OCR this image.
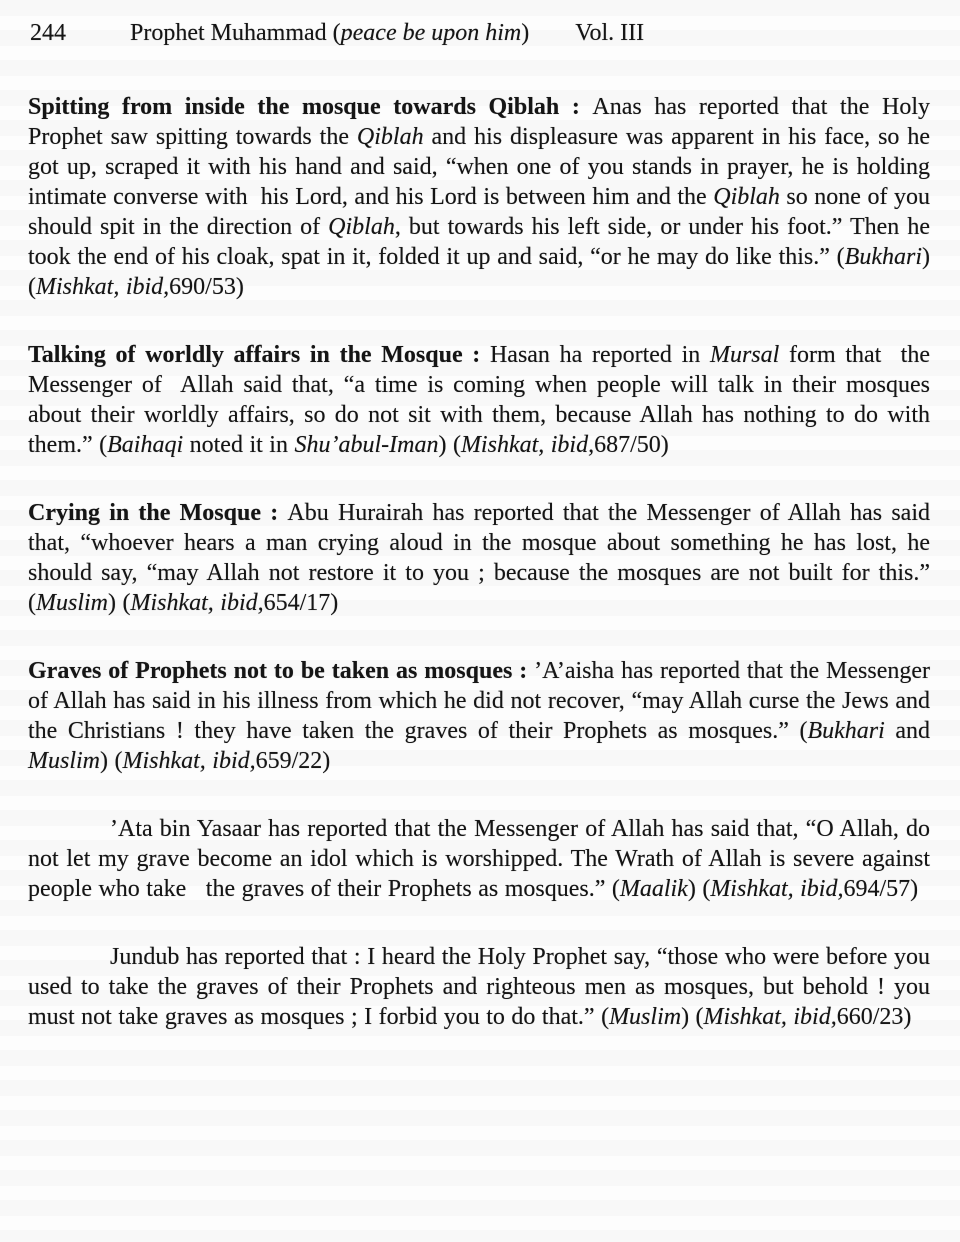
244	Prophet Muhammad (peace be upon him) Vol. III

Spitting from inside the mosque towards Qiblah : Anas has reported that the Holy Prophet saw spitting towards the Qiblah and his displeasure was apparent in his face, so he got up, scraped it with his hand and said, “when one of you stands in prayer, he is holding intimate converse with  his Lord, and his Lord is between him and the Qiblah so none of you should spit in the direction of Qiblah, but towards his left side, or under his foot.” Then he took the end of his cloak, spat in it, folded it up and said, “or he may do like this.” (Bukhari) (Mishkat, ibid,690/53)

Talking of worldly affairs in the Mosque : Hasan ha reported in Mursal form that  the Messenger of  Allah said that, “a time is coming when people will talk in their mosques about their worldly affairs, so do not sit with them, because Allah has nothing to do with them.” (Baihaqi noted it in Shu’abul-Iman) (Mishkat, ibid,687/50)

Crying in the Mosque : Abu Hurairah has reported that the Messenger of Allah has said that, “whoever hears a man crying aloud in the mosque about something he has lost, he should say, “may Allah not restore it to you ; because the mosques are not built for this.” (Muslim) (Mishkat, ibid,654/17)

Graves of Prophets not to be taken as mosques : ’A’aisha has reported that the Messenger of Allah has said in his illness from which he did not recover, “may Allah curse the Jews and the Christians ! they have taken the graves of their Prophets as mosques.” (Bukhari and Muslim) (Mishkat, ibid,659/22)

’Ata bin Yasaar has reported that the Messenger of Allah has said that, “O Allah, do not let my grave become an idol which is worshipped. The Wrath of Allah is severe against people who take   the graves of their Prophets as mosques.” (Maalik) (Mishkat, ibid,694/57)

Jundub has reported that : I heard the Holy Prophet say, “those who were before you used to take the graves of their Prophets and righteous men as mosques, but behold ! you must not take graves as mosques ; I forbid you to do that.” (Muslim) (Mishkat, ibid,660/23)
